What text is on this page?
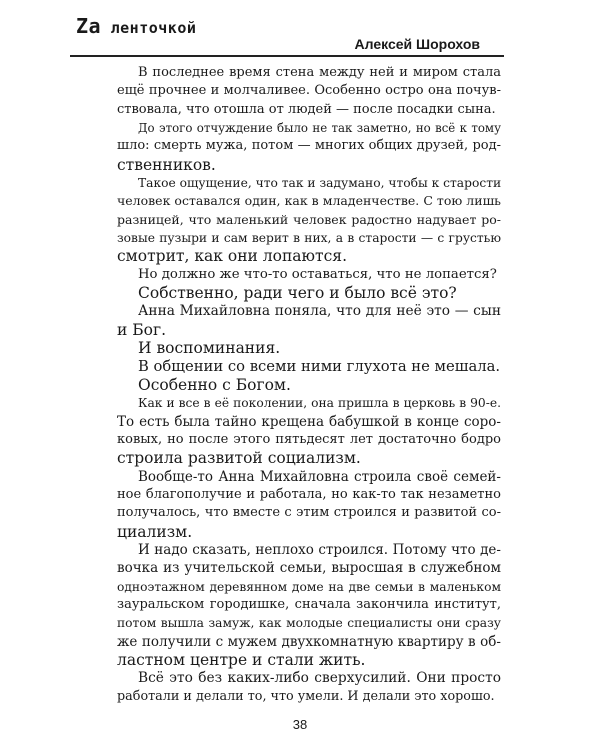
Za ленточкой
Алексей Шорохов
В последнее время стена между ней и миром стала
ещё прочнее и молчаливее. Особенно остро она почув-
ствовала, что отошла от людей — после посадки сына.
До этого отчуждение было не так заметно, но всё к тому
шло: смерть мужа, потом — многих общих друзей, род-
ственников.
Такое ощущение, что так и задумано, чтобы к старости
человек оставался один, как в младенчестве. С тою лишь
разницей, что маленький человек радостно надувает ро-
зовые пузыри и сам верит в них, а в старости — с грустью
смотрит, как они лопаются.
Но должно же что-то оставаться, что не лопается?
Собственно, ради чего и было всё это?
Анна Михайловна поняла, что для неё это — сын
и Бог.
И воспоминания.
В общении со всеми ними глухота не мешала.
Особенно с Богом.
Как и все в её поколении, она пришла в церковь в 90-е.
То есть была тайно крещена бабушкой в конце соро-
ковых, но после этого пятьдесят лет достаточно бодро
строила развитой социализм.
Вообще-то Анна Михайловна строила своё семей-
ное благополучие и работала, но как-то так незаметно
получалось, что вместе с этим строился и развитой со-
циализм.
И надо сказать, неплохо строился. Потому что де-
вочка из учительской семьи, выросшая в служебном
одноэтажном деревянном доме на две семьи в маленьком
зауральском городишке, сначала закончила институт,
потом вышла замуж, как молодые специалисты они сразу
же получили с мужем двухкомнатную квартиру в об-
ластном центре и стали жить.
Всё это без каких-либо сверхусилий. Они просто
работали и делали то, что умели. И делали это хорошо.
38
